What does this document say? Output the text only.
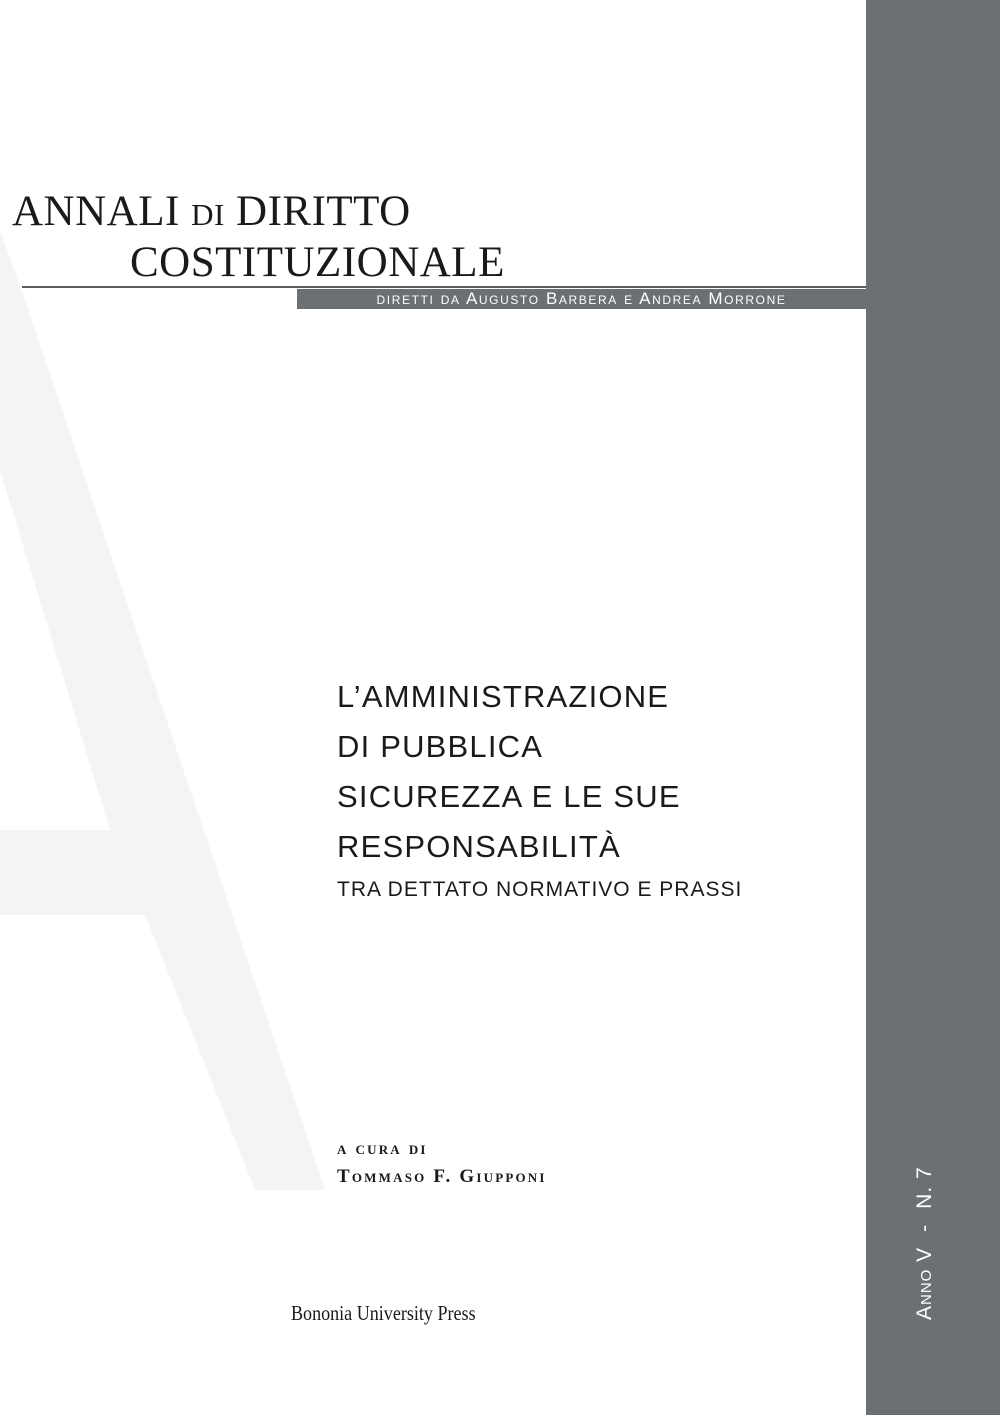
ANNALI DI DIRITTO
COSTITUZIONALE
diretti da Augusto Barbera e Andrea Morrone
L’AMMINISTRAZIONE
DI PUBBLICA
SICUREZZA E LE SUE
RESPONSABILITÀ
TRA DETTATO NORMATIVO E PRASSI
a cura di
Tommaso F. Giupponi
Bononia University Press	Anno V-N. 7
